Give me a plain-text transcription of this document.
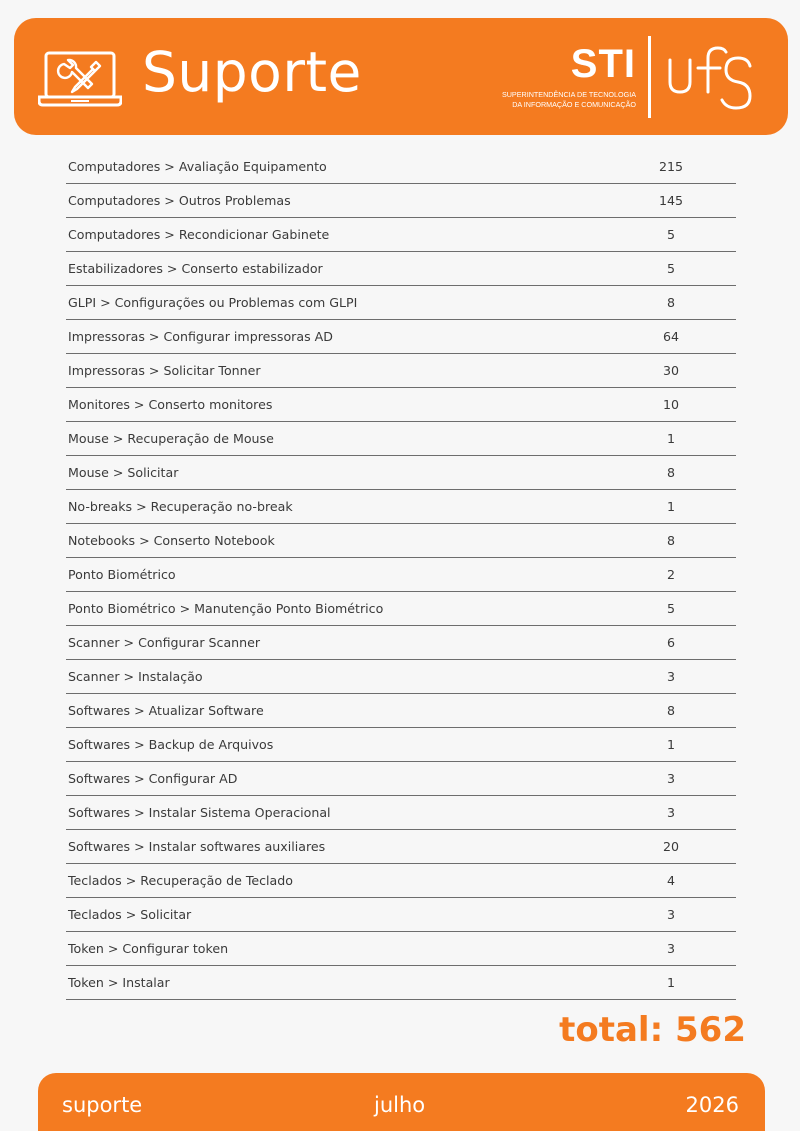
Suporte	STI
SUPERINTENDÊNCIA DE TECNOLOGIA
DA INFORMAÇÃO E COMUNICAÇÃO
Computadores > Avaliação Equipamento	215
Computadores > Outros Problemas	145
Computadores > Recondicionar Gabinete	5
Estabilizadores > Conserto estabilizador	5
GLPI > Configurações ou Problemas com GLPI	8
Impressoras > Configurar impressoras AD	64
Impressoras > Solicitar Tonner	30
Monitores > Conserto monitores	10
Mouse > Recuperação de Mouse	1
Mouse > Solicitar	8
No-breaks > Recuperação no-break	1
Notebooks > Conserto Notebook	8
Ponto Biométrico	2
Ponto Biométrico > Manutenção Ponto Biométrico	5
Scanner > Configurar Scanner	6
Scanner > Instalação	3
Softwares > Atualizar Software	8
Softwares > Backup de Arquivos	1
Softwares > Configurar AD	3
Softwares > Instalar Sistema Operacional	3
Softwares > Instalar softwares auxiliares	20
Teclados > Recuperação de Teclado	4
Teclados > Solicitar	3
Token > Configurar token	3
Token > Instalar	1
total: 562
suporte	julho	2026
